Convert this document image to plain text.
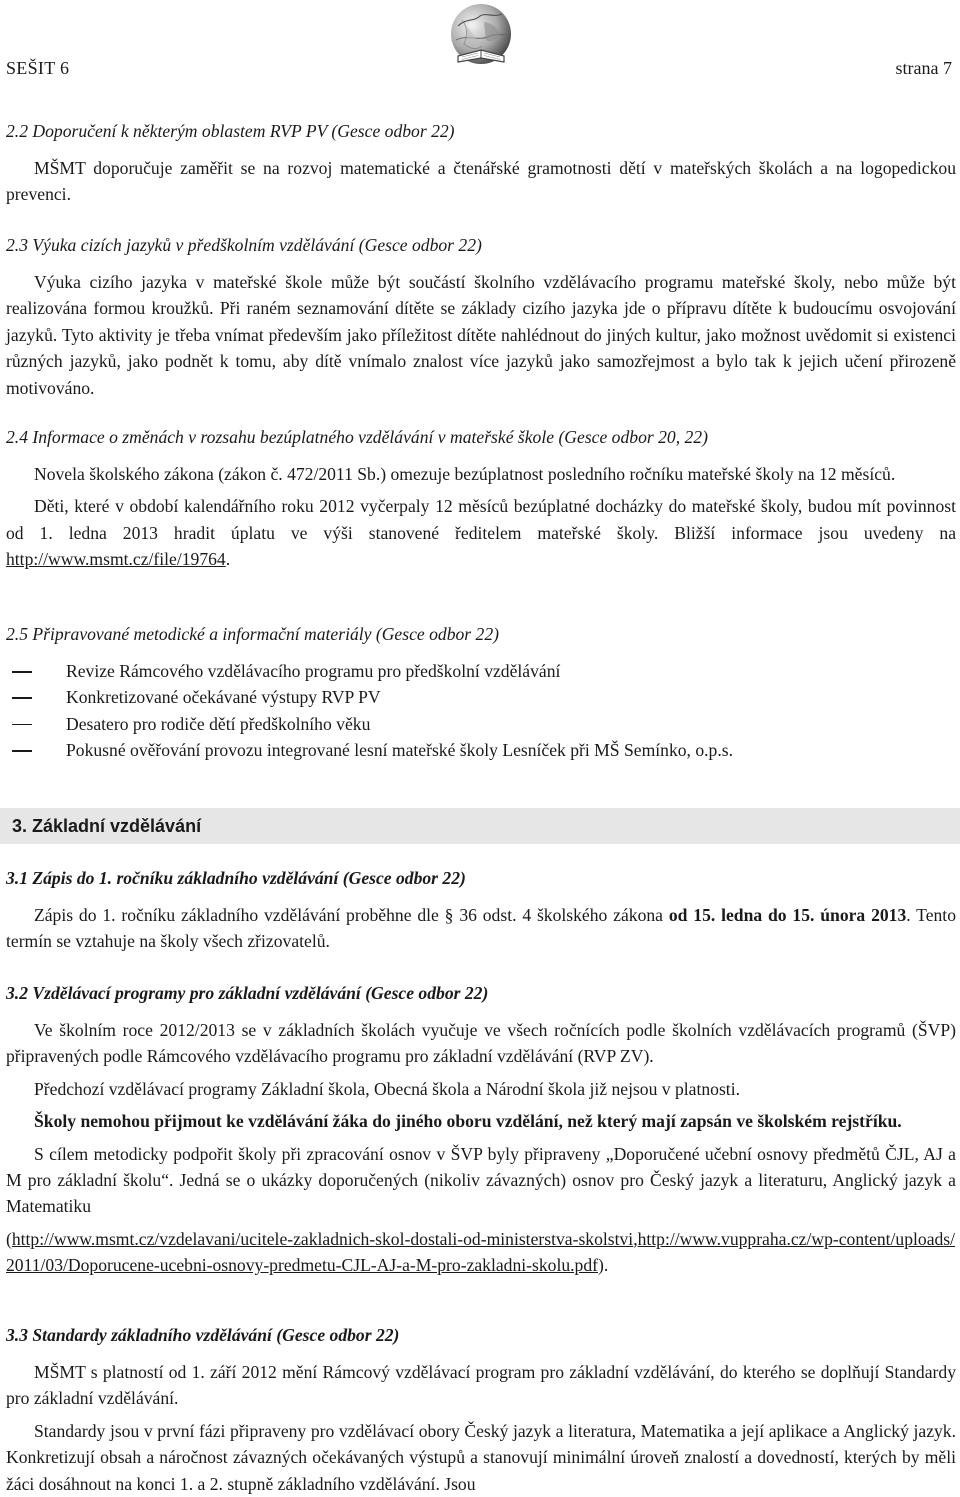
SEŠIT 6	strana 7

2.2 Doporučení k některým oblastem RVP PV (Gesce odbor 22)

MŠMT doporučuje zaměřit se na rozvoj matematické a čtenářské gramotnosti dětí v mateřských školách a na logopedickou prevenci.

2.3 Výuka cizích jazyků v předškolním vzdělávání (Gesce odbor 22)

Výuka cizího jazyka v mateřské škole může být součástí školního vzdělávacího programu mateřské školy, nebo může být realizována formou kroužků. Při raném seznamování dítěte se základy cizího jazyka jde o přípravu dítěte k budoucímu osvojování jazyků. Tyto aktivity je třeba vnímat především jako příležitost dítěte nahlédnout do jiných kultur, jako možnost uvědomit si existenci různých jazyků, jako podnět k tomu, aby dítě vnímalo znalost více jazyků jako samozřejmost a bylo tak k jejich učení přirozeně motivováno.

2.4 Informace o změnách v rozsahu bezúplatného vzdělávání v mateřské škole (Gesce odbor 20, 22)

Novela školského zákona (zákon č. 472/2011 Sb.) omezuje bezúplatnost posledního ročníku mateřské školy na 12 měsíců.

Děti, které v období kalendářního roku 2012 vyčerpaly 12 měsíců bezúplatné docházky do mateřské školy, budou mít povinnost od 1. ledna 2013 hradit úplatu ve výši stanovené ředitelem mateřské školy. Bližší informace jsou uvedeny na http://www.msmt.cz/file/19764.

2.5 Připravované metodické a informační materiály (Gesce odbor 22)

Revize Rámcového vzdělávacího programu pro předškolní vzdělávání
Konkretizované očekávané výstupy RVP PV
Desatero pro rodiče dětí předškolního věku
Pokusné ověřování provozu integrované lesní mateřské školy Lesníček při MŠ Semínko, o.p.s.
3. Základní vzdělávání

3.1 Zápis do 1. ročníku základního vzdělávání (Gesce odbor 22)

Zápis do 1. ročníku základního vzdělávání proběhne dle § 36 odst. 4 školského zákona od 15. ledna do 15. února 2013. Tento termín se vztahuje na školy všech zřizovatelů.

3.2 Vzdělávací programy pro základní vzdělávání (Gesce odbor 22)

Ve školním roce 2012/2013 se v základních školách vyučuje ve všech ročnících podle školních vzdělávacích programů (ŠVP) připravených podle Rámcového vzdělávacího programu pro základní vzdělávání (RVP ZV).

Předchozí vzdělávací programy Základní škola, Obecná škola a Národní škola již nejsou v platnosti.

Školy nemohou přijmout ke vzdělávání žáka do jiného oboru vzdělání, než který mají zapsán ve školském rejstříku.

S cílem metodicky podpořit školy při zpracování osnov v ŠVP byly připraveny „Doporučené učební osnovy předmětů ČJL, AJ a M pro základní školu“. Jedná se o ukázky doporučených (nikoliv závazných) osnov pro Český jazyk a literaturu, Anglický jazyk a Matematiku

(http://www.msmt.cz/vzdelavani/ucitele-zakladnich-skol-dostali-od-ministerstva-skolstvi,http://www.vuppraha.cz/wp-content/uploads/2011/03/Doporucene-ucebni-osnovy-predmetu-CJL-AJ-a-M-pro-zakladni-skolu.pdf).

3.3 Standardy základního vzdělávání (Gesce odbor 22)

MŠMT s platností od 1. září 2012 mění Rámcový vzdělávací program pro základní vzdělávání, do kterého se doplňují Standardy pro základní vzdělávání.

Standardy jsou v první fázi připraveny pro vzdělávací obory Český jazyk a literatura, Matematika a její aplikace a Anglický jazyk. Konkretizují obsah a náročnost závazných očekávaných výstupů a stanovují minimální úroveň znalostí a dovedností, kterých by měli žáci dosáhnout na konci 1. a 2. stupně základního vzdělávání. Jsou
